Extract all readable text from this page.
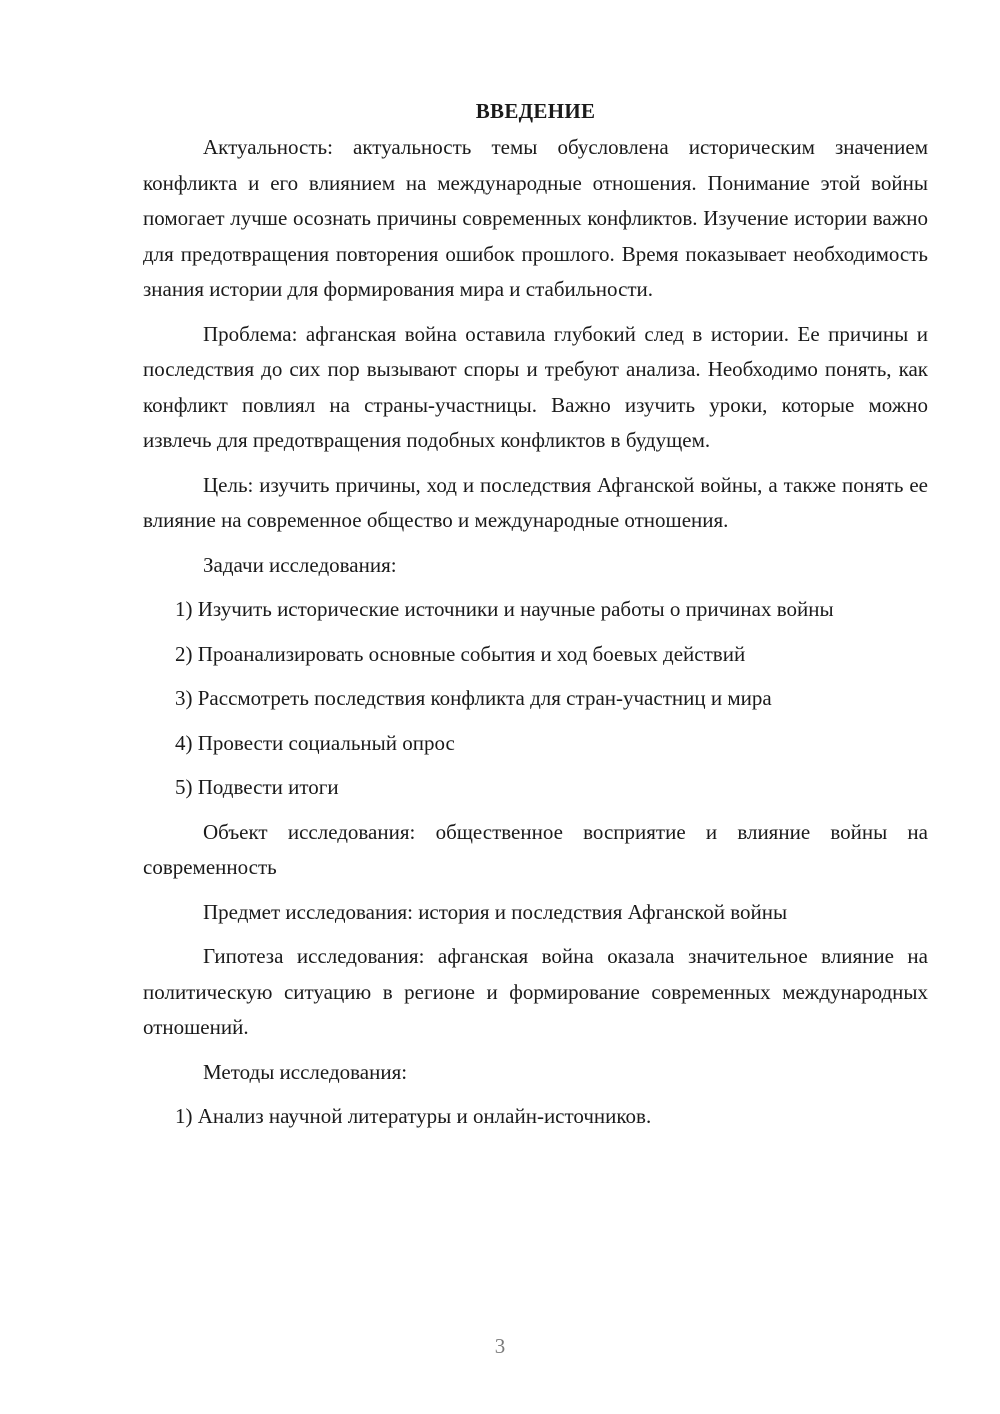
ВВЕДЕНИЕ

Актуальность: актуальность темы обусловлена историческим значением конфликта и его влиянием на международные отношения. Понимание этой войны помогает лучше осознать причины современных конфликтов. Изучение истории важно для предотвращения повторения ошибок прошлого. Время показывает необходимость знания истории для формирования мира и стабильности.

Проблема: афганская война оставила глубокий след в истории. Ее причины и последствия до сих пор вызывают споры и требуют анализа. Необходимо понять, как конфликт повлиял на страны-участницы. Важно изучить уроки, которые можно извлечь для предотвращения подобных конфликтов в будущем.

Цель: изучить причины, ход и последствия Афганской войны, а также понять ее влияние на современное общество и международные отношения.

Задачи исследования:

1) Изучить исторические источники и научные работы о причинах войны

2) Проанализировать основные события и ход боевых действий

3) Рассмотреть последствия конфликта для стран-участниц и мира

4) Провести социальный опрос

5) Подвести итоги

Объект исследования: общественное восприятие и влияние войны на современность

Предмет исследования: история и последствия Афганской войны

Гипотеза исследования: афганская война оказала значительное влияние на политическую ситуацию в регионе и формирование современных международных отношений.

Методы исследования:

1) Анализ научной литературы и онлайн-источников.

3
